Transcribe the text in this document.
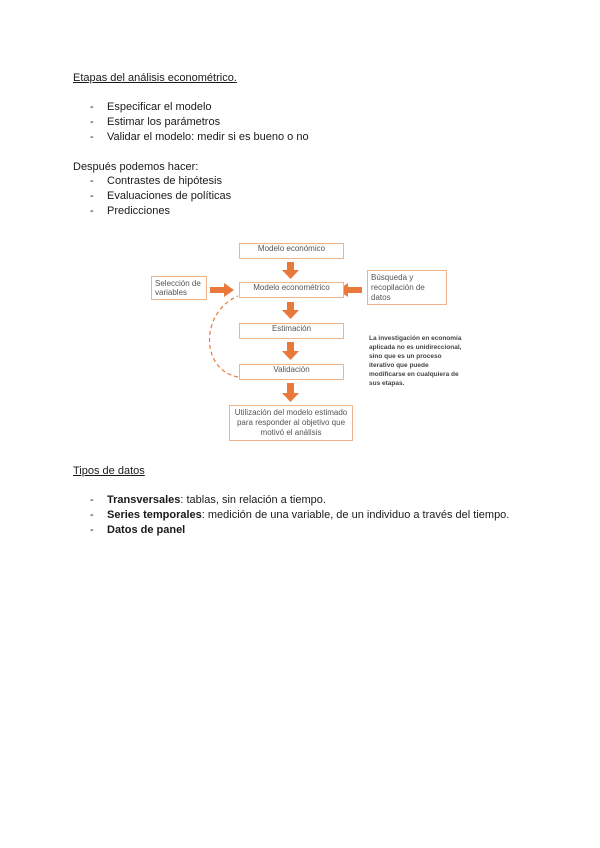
Etapas del análisis econométrico.
- Especificar el modelo
- Estimar los parámetros
- Validar el modelo: medir si es bueno o no
Después podemos hacer:
- Contrastes de hipótesis
- Evaluaciones de políticas
- Predicciones
Modelo económico
Selección de variables
Modelo econométrico
Búsqueda y recopilación de datos
Estimación
Validación
Utilización del modelo estimado para responder al objetivo que motivó el análisis
La investigación en economía aplicada no es unidireccional, sino que es un proceso iterativo que puede modificarse en cualquiera de sus etapas.
Tipos de datos
- Transversales: tablas, sin relación a tiempo.
- Series temporales: medición de una variable, de un individuo a través del tiempo.
- Datos de panel
